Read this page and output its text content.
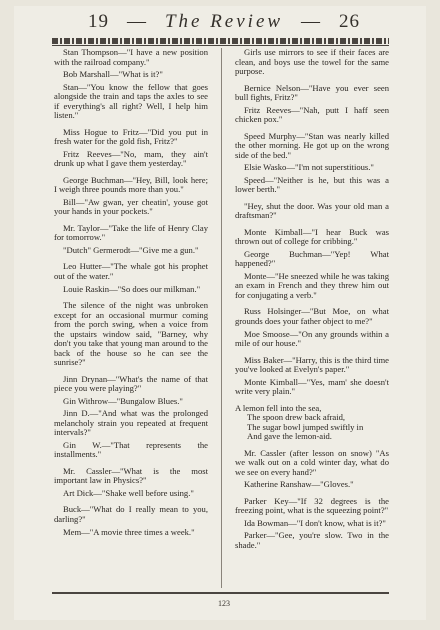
19 — The Review — 26

Stan Thompson—"I have a new position with the railroad company."

Bob Marshall—"What is it?"

Stan—"You know the fellow that goes alongside the train and taps the axles to see if everything's all right? Well, I help him listen."

Miss Hogue to Fritz—"Did you put in fresh water for the gold fish, Fritz?"

Fritz Reeves—"No, mam, they ain't drunk up what I gave them yesterday."

George Buchman—"Hey, Bill, look here; I weigh three pounds more than you."

Bill—"Aw gwan, yer cheatin', youse got your hands in your pockets."

Mr. Taylor—"Take the life of Henry Clay for tomorrow."

"Dutch" Germerodt—"Give me a gun."

Leo Hutter—"The whale got his prophet out of the water."

Louie Raskin—"So does our milkman."

The silence of the night was unbroken except for an occasional murmur coming from the porch swing, when a voice from the upstairs window said, "Barney, why don't you take that young man around to the back of the house so he can see the sunrise?"

Jinn Drynan—"What's the name of that piece you were playing?"

Gin Withrow—"Bungalow Blues."

Jinn D.—"And what was the prolonged melancholy strain you repeated at frequent intervals?"

Gin W.—"That represents the installments."

Mr. Cassler—"What is the most important law in Physics?"

Art Dick—"Shake well before using."

Buck—"What do I really mean to you, darling?"

Mem—"A movie three times a week."

Girls use mirrors to see if their faces are clean, and boys use the towel for the same purpose.

Bernice Nelson—"Have you ever seen bull fights, Fritz?"

Fritz Reeves—"Nah, putt I haff seen chicken pox."

Speed Murphy—"Stan was nearly killed the other morning. He got up on the wrong side of the bed."

Elsie Wasko—"I'm not superstitious."

Speed—"Neither is he, but this was a lower berth."

"Hey, shut the door. Was your old man a draftsman?"

Monte Kimball—"I hear Buck was thrown out of college for cribbing."

George Buchman—"Yep! What happened?"

Monte—"He sneezed while he was taking an exam in French and they threw him out for conjugating a verb."

Russ Holsinger—"But Moe, on what grounds does your father object to me?"

Moe Smoose—"On any grounds within a mile of our house."

Miss Baker—"Harry, this is the third time you've looked at Evelyn's paper."

Monte Kimball—"Yes, mam' she doesn't write very plain."

A lemon fell into the sea,

The spoon drew back afraid,

The sugar bowl jumped swiftly in

And gave the lemon-aid.

Mr. Cassler (after lesson on snow) "As we walk out on a cold winter day, what do we see on every hand?"

Katherine Ranshaw—"Gloves."

Parker Key—"If 32 degrees is the freezing point, what is the squeezing point?"

Ida Bowman—"I don't know, what is it?"

Parker—"Gee, you're slow. Two in the shade."

123
